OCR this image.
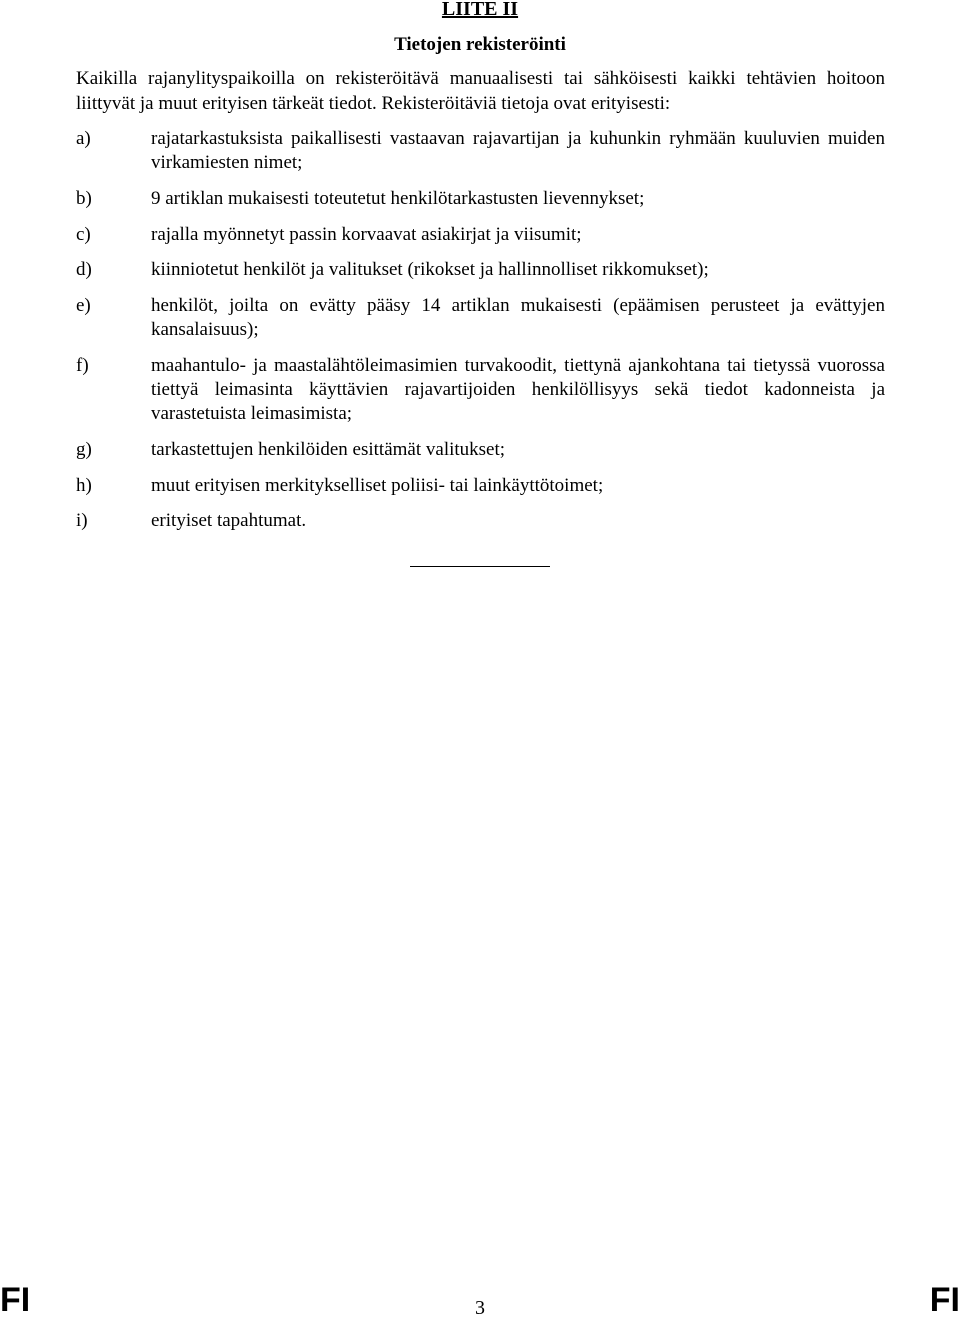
LIITE II
Tietojen rekisteröinti

Kaikilla rajanylityspaikoilla on rekisteröitävä manuaalisesti tai sähköisesti kaikki tehtävien hoitoon liittyvät ja muut erityisen tärkeät tiedot. Rekisteröitäviä tietoja ovat erityisesti:

a)	rajatarkastuksista paikallisesti vastaavan rajavartijan ja kuhunkin ryhmään kuuluvien muiden virkamiesten nimet;
b)	9 artiklan mukaisesti toteutetut henkilötarkastusten lievennykset;
c)	rajalla myönnetyt passin korvaavat asiakirjat ja viisumit;
d)	kiinniotetut henkilöt ja valitukset (rikokset ja hallinnolliset rikkomukset);
e)	henkilöt, joilta on evätty pääsy 14 artiklan mukaisesti (epäämisen perusteet ja evättyjen kansalaisuus);
f)	maahantulo- ja maastalähtöleimasimien turvakoodit, tiettynä ajankohtana tai tietyssä vuorossa tiettyä leimasinta käyttävien rajavartijoiden henkilöllisyys sekä tiedot kadonneista ja varastetuista leimasimista;
g)	tarkastettujen henkilöiden esittämät valitukset;
h)	muut erityisen merkitykselliset poliisi- tai lainkäyttötoimet;
i)	erityiset tapahtumat.
FI	3	FI
